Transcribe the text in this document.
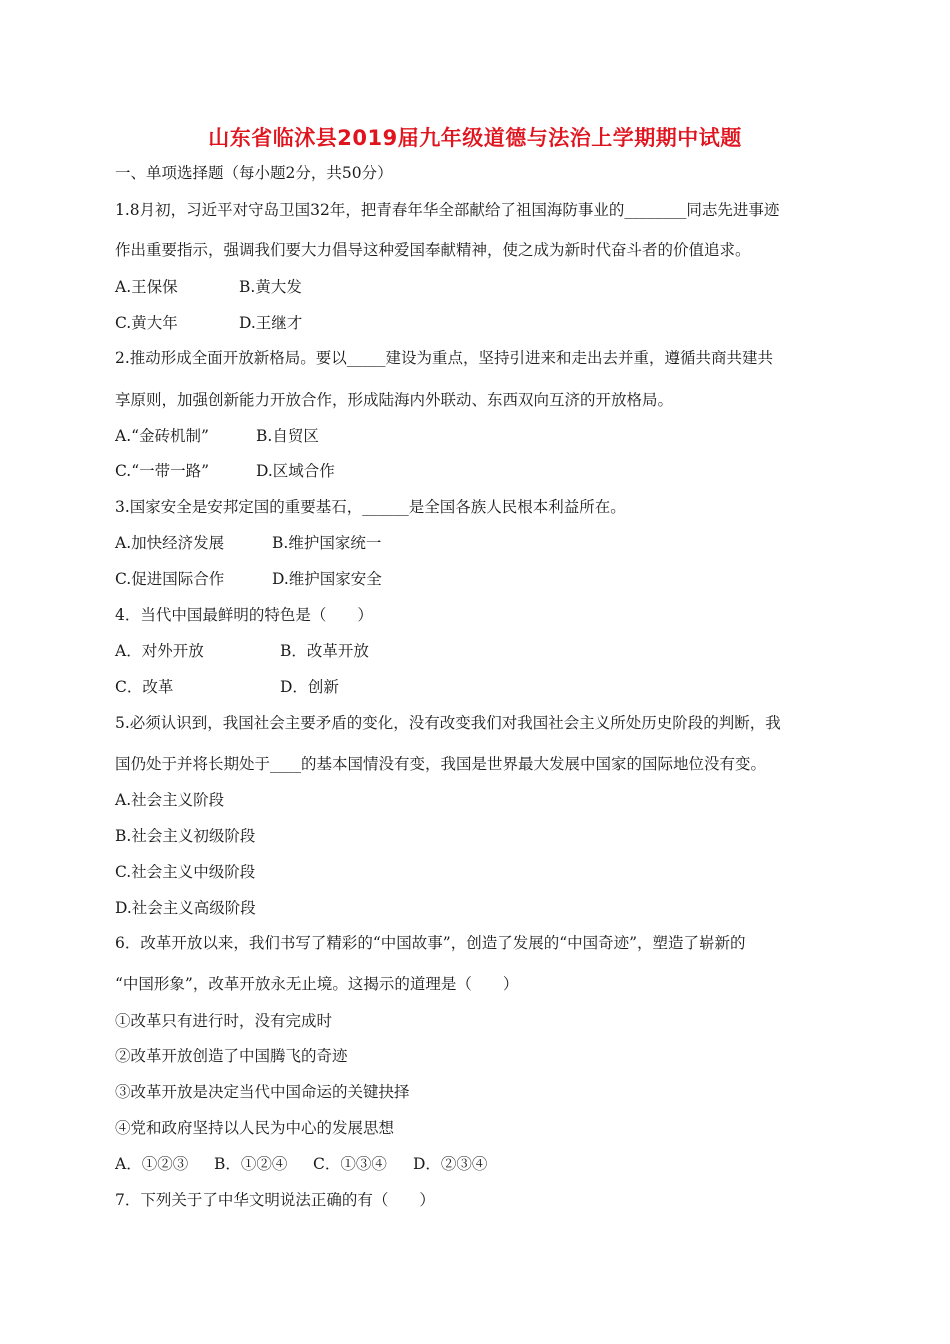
山东省临沭县2019届九年级道德与法治上学期期中试题
一、单项选择题（每小题2分，共50分）
1.8月初，习近平对守岛卫国32年，把青春年华全部献给了祖国海防事业的________同志先进事迹
作出重要指示，强调我们要大力倡导这种爱国奉献精神，使之成为新时代奋斗者的价值追求。
A.王保保	B.黄大发
C.黄大年	D.王继才
2.推动形成全面开放新格局。要以_____建设为重点，坚持引进来和走出去并重，遵循共商共建共
享原则，加强创新能力开放合作，形成陆海内外联动、东西双向互济的开放格局。
A.“金砖机制”	B.自贸区
C.“一带一路”	D.区域合作
3.国家安全是安邦定国的重要基石，______是全国各族人民根本利益所在。
A.加快经济发展	B.维护国家统一
C.促进国际合作	D.维护国家安全
4．当代中国最鲜明的特色是（　　）
A．对外开放	B．改革开放
C．改革	D．创新
5.必须认识到，我国社会主要矛盾的变化，没有改变我们对我国社会主义所处历史阶段的判断，我
国仍处于并将长期处于____的基本国情没有变，我国是世界最大发展中国家的国际地位没有变。
A.社会主义阶段
B.社会主义初级阶段
C.社会主义中级阶段
D.社会主义高级阶段
6．改革开放以来，我们书写了精彩的“中国故事”，创造了发展的“中国奇迹”，塑造了崭新的
“中国形象”，改革开放永无止境。这揭示的道理是（　　）
①改革只有进行时，没有完成时
②改革开放创造了中国腾飞的奇迹
③改革开放是决定当代中国命运的关键抉择
④党和政府坚持以人民为中心的发展思想
A．①②③ B．①②④ C．①③④ D．②③④
7．下列关于了中华文明说法正确的有（　　）
